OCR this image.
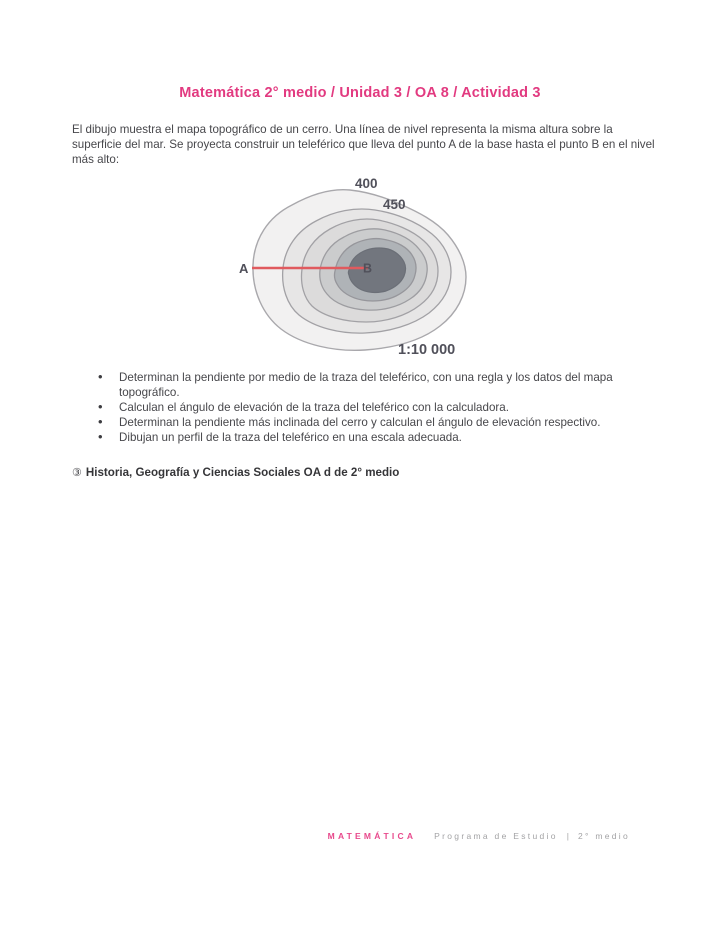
Matemática 2° medio / Unidad 3 / OA 8 / Actividad 3
El dibujo muestra el mapa topográfico de un cerro. Una línea de nivel representa la misma altura sobre la superficie del mar. Se proyecta construir un teleférico que lleva del punto A de la base hasta el punto B en el nivel más alto:
400
450
A	B
1:10 000
• Determinan la pendiente por medio de la traza del teleférico, con una regla y los datos del mapa topográfico.
• Calculan el ángulo de elevación de la traza del teleférico con la calculadora.
• Determinan la pendiente más inclinada del cerro y calculan el ángulo de elevación respectivo.
• Dibujan un perfil de la traza del teleférico en una escala adecuada.
③ Historia, Geografía y Ciencias Sociales OA d de 2° medio
MATEMÁTICA Programa de Estudio | 2° medio
